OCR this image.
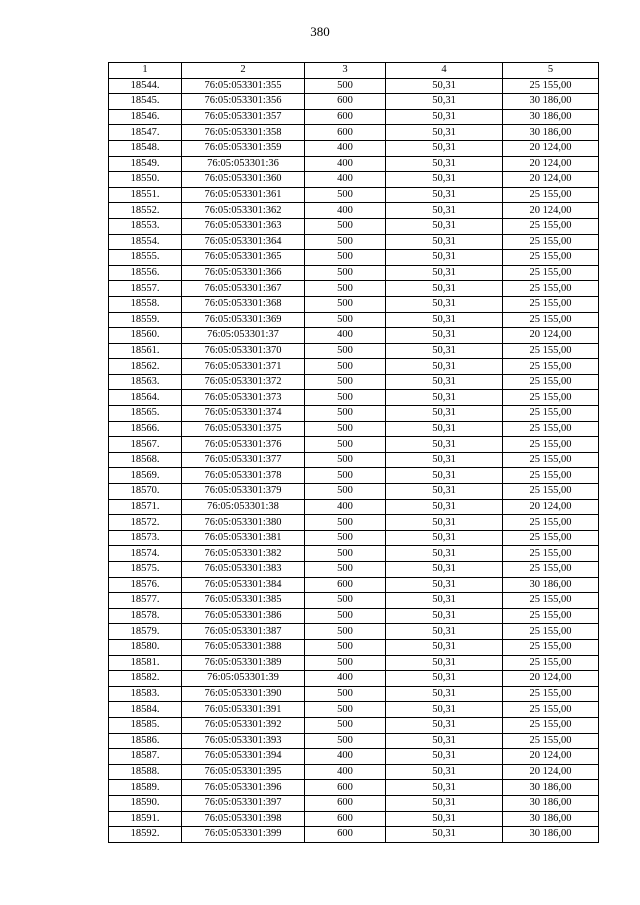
380
1	2	3	4	5
18544.	76:05:053301:355	500	50,31	25 155,00
18545.	76:05:053301:356	600	50,31	30 186,00
18546.	76:05:053301:357	600	50,31	30 186,00
18547.	76:05:053301:358	600	50,31	30 186,00
18548.	76:05:053301:359	400	50,31	20 124,00
18549.	76:05:053301:36	400	50,31	20 124,00
18550.	76:05:053301:360	400	50,31	20 124,00
18551.	76:05:053301:361	500	50,31	25 155,00
18552.	76:05:053301:362	400	50,31	20 124,00
18553.	76:05:053301:363	500	50,31	25 155,00
18554.	76:05:053301:364	500	50,31	25 155,00
18555.	76:05:053301:365	500	50,31	25 155,00
18556.	76:05:053301:366	500	50,31	25 155,00
18557.	76:05:053301:367	500	50,31	25 155,00
18558.	76:05:053301:368	500	50,31	25 155,00
18559.	76:05:053301:369	500	50,31	25 155,00
18560.	76:05:053301:37	400	50,31	20 124,00
18561.	76:05:053301:370	500	50,31	25 155,00
18562.	76:05:053301:371	500	50,31	25 155,00
18563.	76:05:053301:372	500	50,31	25 155,00
18564.	76:05:053301:373	500	50,31	25 155,00
18565.	76:05:053301:374	500	50,31	25 155,00
18566.	76:05:053301:375	500	50,31	25 155,00
18567.	76:05:053301:376	500	50,31	25 155,00
18568.	76:05:053301:377	500	50,31	25 155,00
18569.	76:05:053301:378	500	50,31	25 155,00
18570.	76:05:053301:379	500	50,31	25 155,00
18571.	76:05:053301:38	400	50,31	20 124,00
18572.	76:05:053301:380	500	50,31	25 155,00
18573.	76:05:053301:381	500	50,31	25 155,00
18574.	76:05:053301:382	500	50,31	25 155,00
18575.	76:05:053301:383	500	50,31	25 155,00
18576.	76:05:053301:384	600	50,31	30 186,00
18577.	76:05:053301:385	500	50,31	25 155,00
18578.	76:05:053301:386	500	50,31	25 155,00
18579.	76:05:053301:387	500	50,31	25 155,00
18580.	76:05:053301:388	500	50,31	25 155,00
18581.	76:05:053301:389	500	50,31	25 155,00
18582.	76:05:053301:39	400	50,31	20 124,00
18583.	76:05:053301:390	500	50,31	25 155,00
18584.	76:05:053301:391	500	50,31	25 155,00
18585.	76:05:053301:392	500	50,31	25 155,00
18586.	76:05:053301:393	500	50,31	25 155,00
18587.	76:05:053301:394	400	50,31	20 124,00
18588.	76:05:053301:395	400	50,31	20 124,00
18589.	76:05:053301:396	600	50,31	30 186,00
18590.	76:05:053301:397	600	50,31	30 186,00
18591.	76:05:053301:398	600	50,31	30 186,00
18592.	76:05:053301:399	600	50,31	30 186,00
